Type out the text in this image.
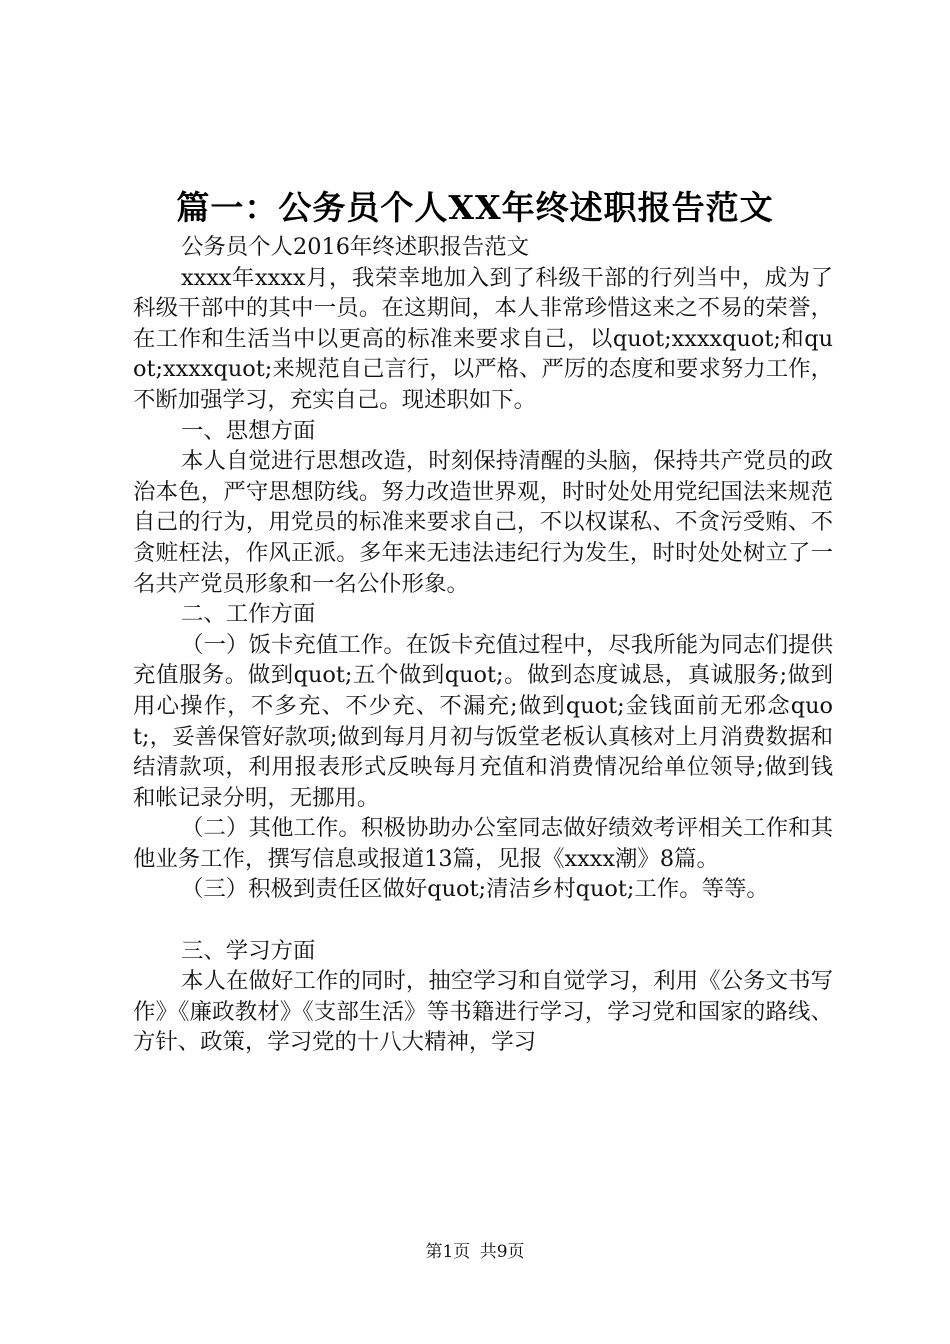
篇一：公务员个人XX年终述职报告范文

公务员个人2016年终述职报告范文

xxxx年xxxx月，我荣幸地加入到了科级干部的行列当中，成为了科级干部中的其中一员。在这期间，本人非常珍惜这来之不易的荣誉，在工作和生活当中以更高的标准来要求自己，以quot;xxxxquot;和quot;xxxxquot;来规范自己言行，以严格、严厉的态度和要求努力工作，不断加强学习，充实自己。现述职如下。

一、思想方面

本人自觉进行思想改造，时刻保持清醒的头脑，保持共产党员的政治本色，严守思想防线。努力改造世界观，时时处处用党纪国法来规范自己的行为，用党员的标准来要求自己，不以权谋私、不贪污受贿、不贪赃枉法，作风正派。多年来无违法违纪行为发生，时时处处树立了一名共产党员形象和一名公仆形象。

二、工作方面

（一）饭卡充值工作。在饭卡充值过程中，尽我所能为同志们提供充值服务。做到quot;五个做到quot;。做到态度诚恳，真诚服务;做到用心操作，不多充、不少充、不漏充;做到quot;金钱面前无邪念quot;，妥善保管好款项;做到每月月初与饭堂老板认真核对上月消费数据和结清款项，利用报表形式反映每月充值和消费情况给单位领导;做到钱和帐记录分明，无挪用。

（二）其他工作。积极协助办公室同志做好绩效考评相关工作和其他业务工作，撰写信息或报道13篇，见报《xxxx潮》8篇。

（三）积极到责任区做好quot;清洁乡村quot;工作。等等。

三、学习方面

本人在做好工作的同时，抽空学习和自觉学习，利用《公务文书写作》《廉政教材》《支部生活》等书籍进行学习，学习党和国家的路线、方针、政策，学习党的十八大精神，学习

第1页 共9页
